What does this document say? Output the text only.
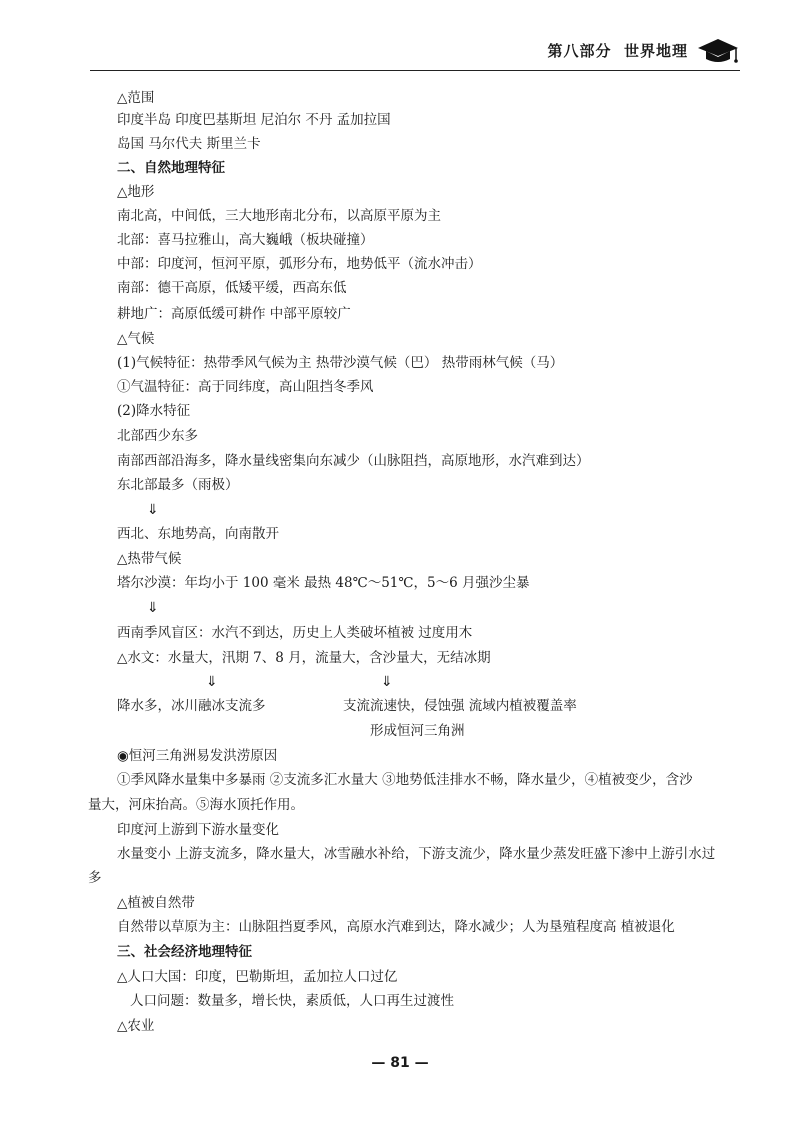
第八部分  世界地理
△范围
印度半岛 印度巴基斯坦 尼泊尔 不丹 孟加拉国
岛国 马尔代夫 斯里兰卡
二、自然地理特征
△地形
南北高，中间低，三大地形南北分布，以高原平原为主
北部：喜马拉雅山，高大巍峨（板块碰撞）
中部：印度河，恒河平原，弧形分布，地势低平（流水冲击）
南部：德干高原，低矮平缓，西高东低
耕地广：高原低缓可耕作 中部平原较广
△气候
(1)气候特征：热带季风气候为主 热带沙漠气候（巴） 热带雨林气候（马）
①气温特征：高于同纬度，高山阻挡冬季风
(2)降水特征
北部西少东多
南部西部沿海多，降水量线密集向东减少（山脉阻挡，高原地形，水汽难到达）
东北部最多（雨极）
⇓
西北、东地势高，向南散开
△热带气候
塔尔沙漠：年均小于 100 毫米 最热 48℃～51℃，5～6 月强沙尘暴
⇓
西南季风盲区：水汽不到达，历史上人类破坏植被 过度用木
△水文：水量大，汛期 7、8 月，流量大，含沙量大，无结冰期
⇓	⇓
降水多，冰川融冰支流多	支流流速快，侵蚀强 流域内植被覆盖率
形成恒河三角洲
◉恒河三角洲易发洪涝原因
①季风降水量集中多暴雨 ②支流多汇水量大 ③地势低洼排水不畅，降水量少，④植被变少，含沙
量大，河床抬高。⑤海水顶托作用。
印度河上游到下游水量变化
水量变小 上游支流多，降水量大，冰雪融水补给，下游支流少，降水量少蒸发旺盛下渗中上游引水过
多
△植被自然带
自然带以草原为主：山脉阻挡夏季风，高原水汽难到达，降水减少；人为垦殖程度高 植被退化
三、社会经济地理特征
△人口大国：印度，巴勒斯坦，孟加拉人口过亿
人口问题：数量多，增长快，素质低，人口再生过渡性
△农业
— 81 —
